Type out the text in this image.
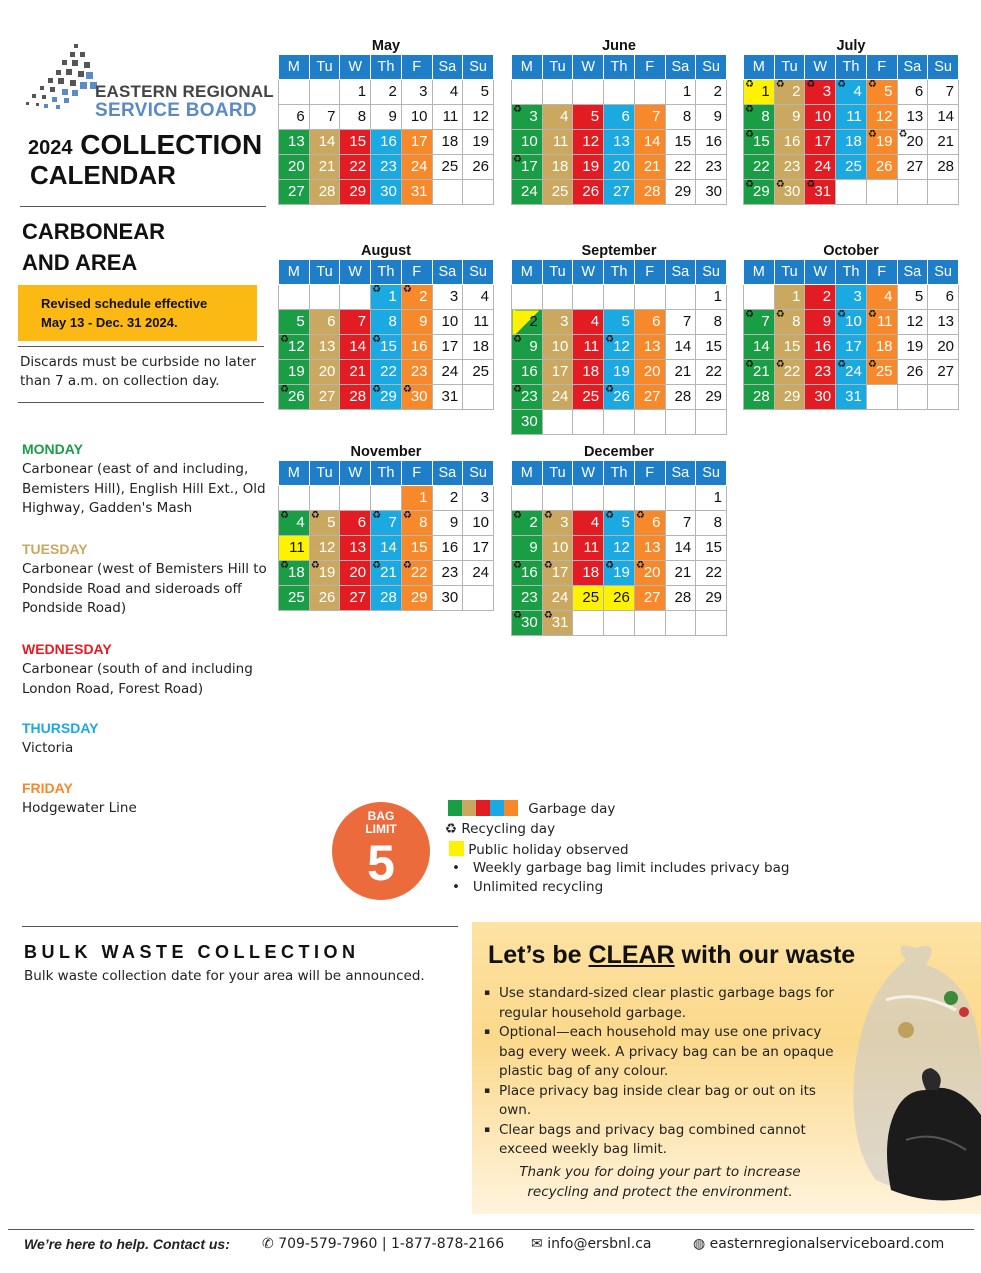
EASTERN REGIONAL
SERVICE BOARD
2024 COLLECTION
CALENDAR
CARBONEAR
AND AREA
Revised schedule effective
May 13 - Dec. 31 2024.
Discards must be curbside no later than 7 a.m. on collection day.
MONDAY
Carbonear (east of and including, Bemisters Hill), English Hill Ext., Old Highway, Gadden's Mash
TUESDAY
Carbonear (west of Bemisters Hill to Pondside Road and sideroads off Pondside Road)
WEDNESDAY
Carbonear (south of and including London Road, Forest Road)
THURSDAY
Victoria
FRIDAY
Hodgewater Line
May
M	Tu	W	Th	F	Sa	Su

		1	2	3	4	5

6	7	8	9	10	11	12

13	14	15	16	17	18	19

20	21	22	23	24	25	26

27	28	29	30	31		

June
M	Tu	W	Th	F	Sa	Su

					1	2

♻ 3	4	5	6	7	8	9

10	11	12	13	14	15	16

♻ 17	18	19	20	21	22	23

24	25	26	27	28	29	30
July
M	Tu	W	Th	F	Sa	Su

♻ 1	♻ 2	♻ 3	♻ 4	♻ 5	6	7

♻ 8	9	10	11	12	13	14

♻ 15	16	17	18	♻ 19	♻ 20	21

22	23	24	25	26	27	28

♻ 29	♻ 30	♻ 31				

August
M	Tu	W	Th	F	Sa	Su

			♻ 1	♻ 2	3	4

5	6	7	8	9	10	11

♻ 12	13	14	♻ 15	16	17	18

19	20	21	22	23	24	25

♻ 26	27	28	♻ 29	♻ 30	31	

September
M	Tu	W	Th	F	Sa	Su

						1

2	3	4	5	6	7	8

♻ 9	10	11	♻ 12	13	14	15

16	17	18	19	20	21	22

♻ 23	24	25	♻ 26	27	28	29

30						

October
M	Tu	W	Th	F	Sa	Su

	1	2	3	4	5	6

♻ 7	♻ 8	9	♻ 10	♻ 11	12	13

14	15	16	17	18	19	20

♻ 21	♻ 22	23	♻ 24	♻ 25	26	27

28	29	30	31			

November
M	Tu	W	Th	F	Sa	Su

				1	2	3

♻ 4	♻ 5	6	♻ 7	♻ 8	9	10

11	12	13	14	15	16	17

♻ 18	♻ 19	20	♻ 21	♻ 22	23	24

25	26	27	28	29	30	

December
M	Tu	W	Th	F	Sa	Su

						1

♻ 2	♻ 3	4	♻ 5	♻ 6	7	8

9	10	11	12	13	14	15

♻ 16	♻ 17	18	♻ 19	♻ 20	21	22

23	24	25	26	27	28	29

♻ 30	♻ 31					

BAG
LIMIT
5
Garbage day
♻ Recycling day
Public holiday observed
•   Weekly garbage bag limit includes privacy bag
•   Unlimited recycling
BULK WASTE COLLECTION
Bulk waste collection date for your area will be announced.
Let’s be CLEAR with our waste
▪ Use standard-sized clear plastic garbage bags for regular household garbage.
▪ Optional—each household may use one privacy bag every week. A privacy bag can be an opaque plastic bag of any colour.
▪ Place privacy bag inside clear bag or out on its own.
▪ Clear bags and privacy bag combined cannot exceed weekly bag limit.
Thank you for doing your part to increase recycling and protect the environment.
We’re here to help. Contact us: ✆ 709-579-7960 | 1-877-878-2166 ✉ info@ersbnl.ca	◍ easternregionalserviceboard.com
